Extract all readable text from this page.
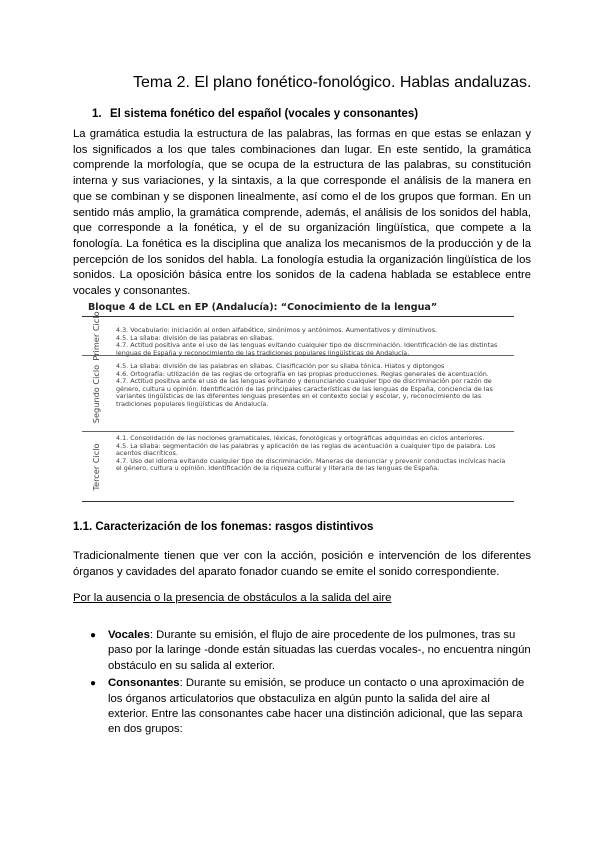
Tema 2. El plano fonético-fonológico. Hablas andaluzas.
1. El sistema fonético del español (vocales y consonantes)

La gramática estudia la estructura de las palabras, las formas en que estas se enlazan y los significados a los que tales combinaciones dan lugar. En este sentido, la gramática comprende la morfología, que se ocupa de la estructura de las palabras, su constitución interna y sus variaciones, y la sintaxis, a la que corresponde el análisis de la manera en que se combinan y se disponen linealmente, así como el de los grupos que forman. En un sentido más amplio, la gramática comprende, además, el análisis de los sonidos del habla, que corresponde a la fonética, y el de su organización lingüística, que compete a la fonología. La fonética es la disciplina que analiza los mecanismos de la producción y de la percepción de los sonidos del habla. La fonología estudia la organización lingüística de los sonidos. La oposición básica entre los sonidos de la cadena hablada se establece entre vocales y consonantes.

Bloque 4 de LCL en EP (Andalucía): “Conocimiento de la lengua”
Primer Ciclo 4.3. Vocabulario: iniciación al orden alfabético, sinónimos y antónimos. Aumentativos y diminutivos.

4.5. La sílaba: división de las palabras en sílabas.

4.7. Actitud positiva ante el uso de las lenguas evitando cualquier tipo de discriminación. Identificación de las distintas lenguas de España y reconocimiento de las tradiciones populares lingüísticas de Andalucía.

Segundo Ciclo 4.5. La sílaba: división de las palabras en sílabas. Clasificación por su sílaba tónica. Hiatos y diptongos

4.6. Ortografía: utilización de las reglas de ortografía en las propias producciones. Reglas generales de acentuación.

4.7. Actitud positiva ante el uso de las lenguas evitando y denunciando cualquier tipo de discriminación por razón de género, cultura u opinión. Identificación de las principales características de las lenguas de España, conciencia de las variantes lingüísticas de las diferentes lenguas presentes en el contexto social y escolar, y, reconocimiento de las tradiciones populares lingüísticas de Andalucía.

Tercer Ciclo

4.1. Consolidación de las nociones gramaticales, léxicas, fonológicas y ortográficas adquiridas en ciclos anteriores.

4.5. La sílaba: segmentación de las palabras y aplicación de las reglas de acentuación a cualquier tipo de palabra. Los acentos diacríticos.

4.7. Uso del idioma evitando cualquier tipo de discriminación. Maneras de denunciar y prevenir conductas incívicas hacia el género, cultura u opinión. Identificación de la riqueza cultural y literaria de las lenguas de España.

1.1. Caracterización de los fonemas: rasgos distintivos

Tradicionalmente tienen que ver con la acción, posición e intervención de los diferentes órganos y cavidades del aparato fonador cuando se emite el sonido correspondiente.

Por la ausencia o la presencia de obstáculos a la salida del aire
● Vocales: Durante su emisión, el flujo de aire procedente de los pulmones, tras su paso por la laringe -donde están situadas las cuerdas vocales-, no encuentra ningún obstáculo en su salida al exterior.
● Consonantes: Durante su emisión, se produce un contacto o una aproximación de los órganos articulatorios que obstaculiza en algún punto la salida del aire al exterior. Entre las consonantes cabe hacer una distinción adicional, que las separa en dos grupos:
